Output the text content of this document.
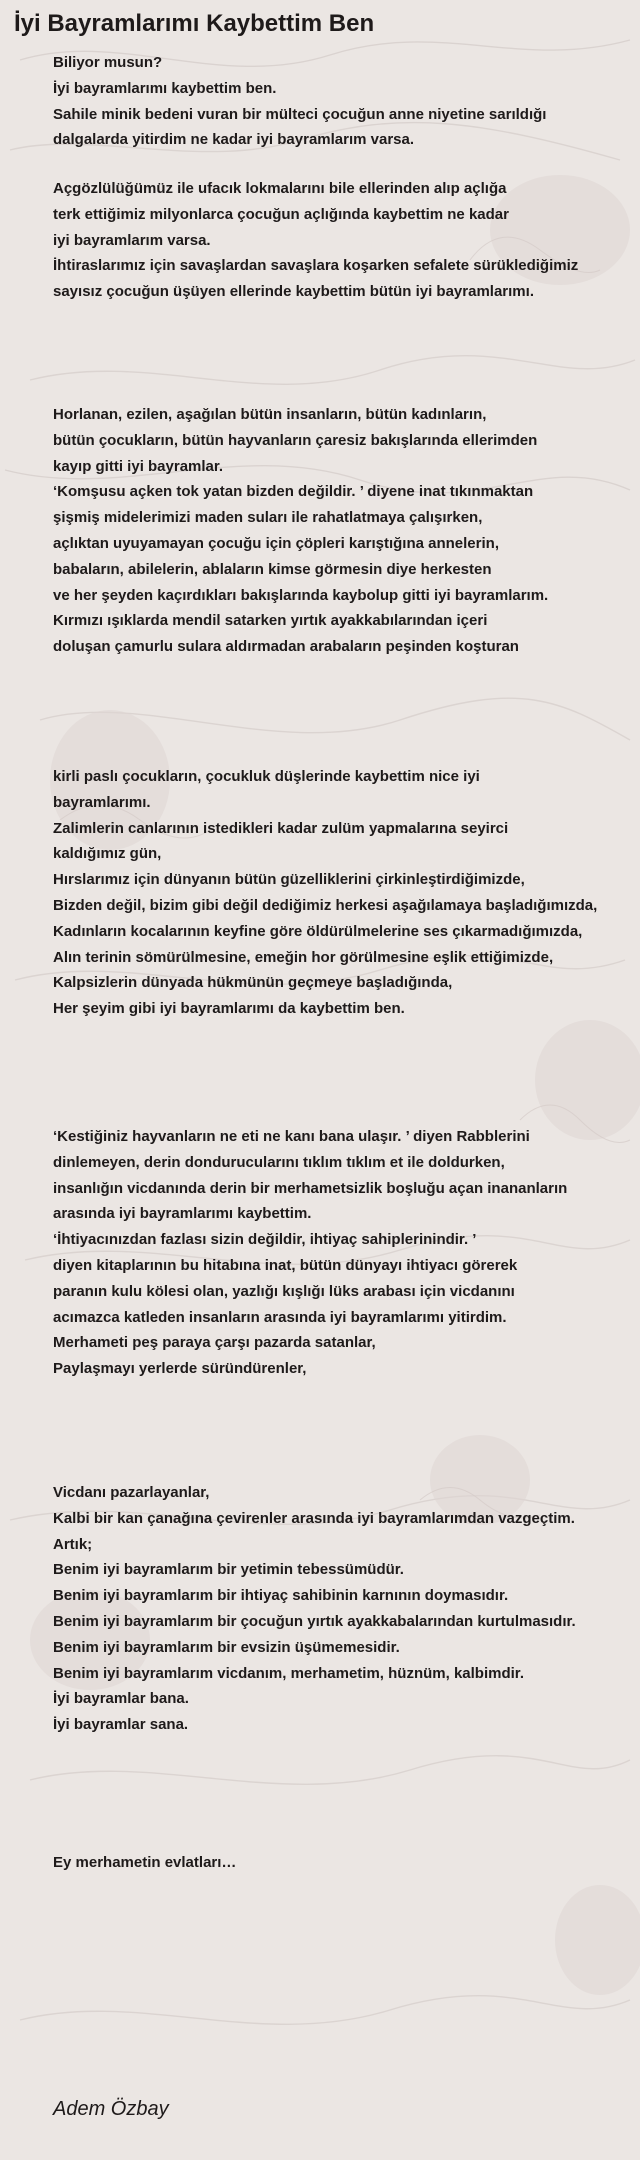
İyi Bayramlarımı Kaybettim Ben
Biliyor musun?
İyi bayramlarımı kaybettim ben.
Sahile minik bedeni vuran bir mülteci çocuğun anne niyetine sarıldığı
dalgalarda yitirdim ne kadar iyi bayramlarım varsa.
Açgözlülüğümüz ile ufacık lokmalarını bile ellerinden alıp açlığa
terk ettiğimiz milyonlarca çocuğun açlığında kaybettim ne kadar
iyi bayramlarım varsa.
İhtiraslarımız için savaşlardan savaşlara koşarken sefalete sürüklediğimiz
sayısız çocuğun üşüyen ellerinde kaybettim bütün iyi bayramlarımı.
Horlanan, ezilen, aşağılan bütün insanların, bütün kadınların,
bütün çocukların, bütün hayvanların çaresiz bakışlarında ellerimden
kayıp gitti iyi bayramlar.
‘Komşusu açken tok yatan bizden değildir. ’ diyene inat tıkınmaktan
şişmiş midelerimizi maden suları ile rahatlatmaya çalışırken,
açlıktan uyuyamayan çocuğu için çöpleri karıştığına annelerin,
babaların, abilelerin, ablaların kimse görmesin diye herkesten
ve her şeyden kaçırdıkları bakışlarında kaybolup gitti iyi bayramlarım.
Kırmızı ışıklarda mendil satarken yırtık ayakkabılarından içeri
doluşan çamurlu sulara aldırmadan arabaların peşinden koşturan
kirli paslı çocukların, çocukluk düşlerinde kaybettim nice iyi
bayramlarımı.
Zalimlerin canlarının istedikleri kadar zulüm yapmalarına seyirci
kaldığımız gün,
Hırslarımız için dünyanın bütün güzelliklerini çirkinleştirdiğimizde,
Bizden değil, bizim gibi değil dediğimiz herkesi aşağılamaya başladığımızda,
Kadınların kocalarının keyfine göre öldürülmelerine ses çıkarmadığımızda,
Alın terinin sömürülmesine, emeğin hor görülmesine eşlik ettiğimizde,
Kalpsizlerin dünyada hükmünün geçmeye başladığında,
Her şeyim gibi iyi bayramlarımı da kaybettim ben.
‘Kestiğiniz hayvanların ne eti ne kanı bana ulaşır. ’ diyen Rabblerini
dinlemeyen, derin dondurucularını tıklım tıklım et ile doldurken,
insanlığın vicdanında derin bir merhametsizlik boşluğu açan inananların
arasında iyi bayramlarımı kaybettim.
‘İhtiyacınızdan fazlası sizin değildir, ihtiyaç sahiplerinindir. ’
diyen kitaplarının bu hitabına inat, bütün dünyayı ihtiyacı görerek
paranın kulu kölesi olan, yazlığı kışlığı lüks arabası için vicdanını
acımazca katleden insanların arasında iyi bayramlarımı yitirdim.
Merhameti peş paraya çarşı pazarda satanlar,
Paylaşmayı yerlerde süründürenler,
Vicdanı pazarlayanlar,
Kalbi bir kan çanağına çevirenler arasında iyi bayramlarımdan vazgeçtim.
Artık;
Benim iyi bayramlarım bir yetimin tebessümüdür.
Benim iyi bayramlarım bir ihtiyaç sahibinin karnının doymasıdır.
Benim iyi bayramlarım bir çocuğun yırtık ayakkabalarından kurtulmasıdır.
Benim iyi bayramlarım bir evsizin üşümemesidir.
Benim iyi bayramlarım vicdanım, merhametim, hüznüm, kalbimdir.
İyi bayramlar bana.
İyi bayramlar sana.
Ey merhametin evlatları…
Adem Özbay
